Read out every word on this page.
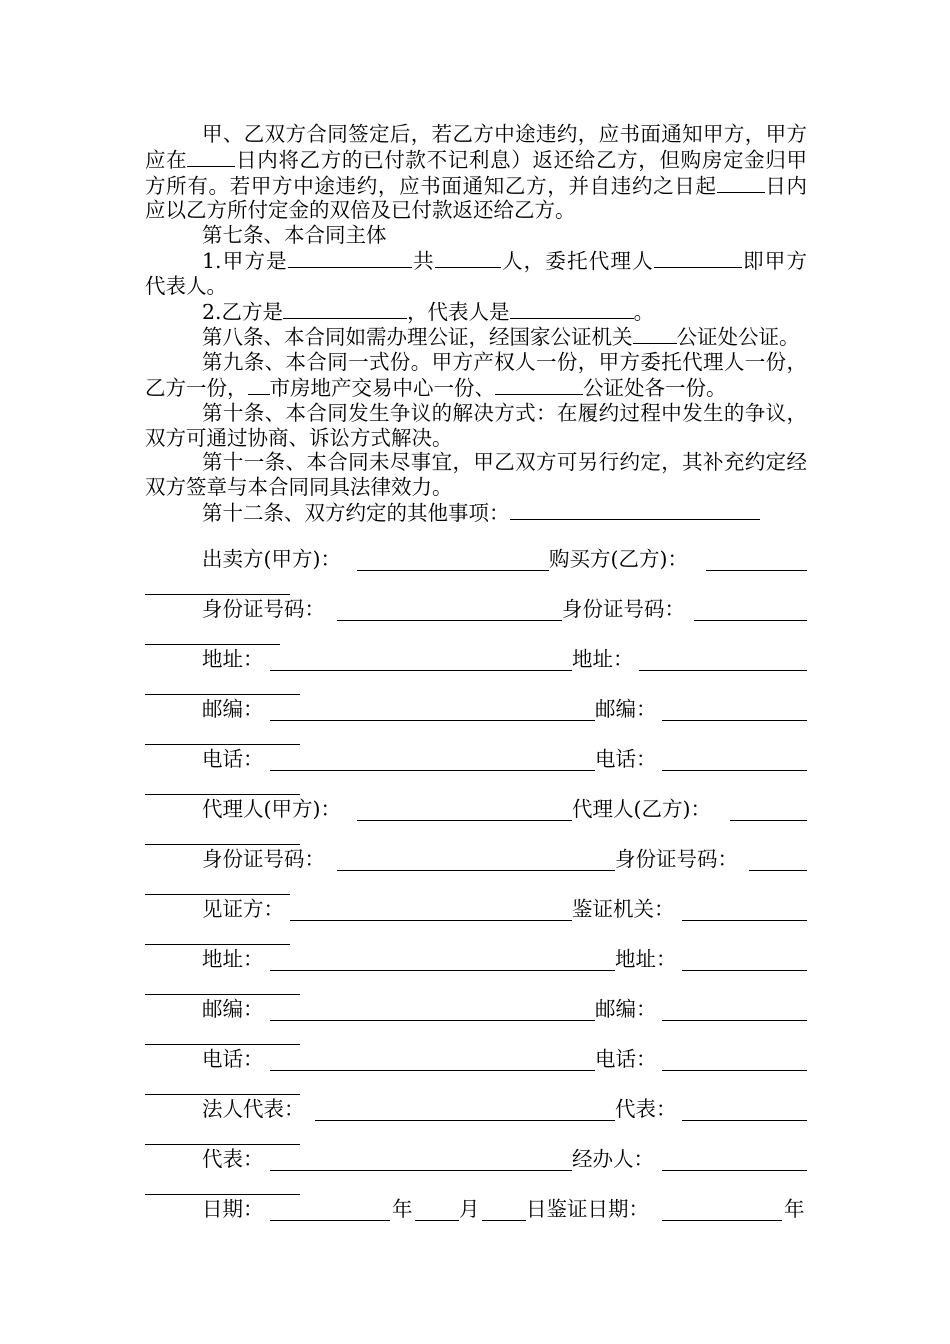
甲、乙双方合同签定后，若乙方中途违约，应书面通知甲方，甲方应在 日内将乙方的已付款不记利息）返还给乙方，但购房定金归甲方所有。若甲方中途违约，应书面通知乙方，并自违约之日起 日内应以乙方所付定金的双倍及已付款返还给乙方。

第七条、本合同主体

1.甲方是	共	人，委托代理人	即甲方代表人。

2.乙方是	，代表人是	。

第八条、本合同如需办理公证，经国家公证机关 公证处公证。

第九条、本合同一式份。甲方产权人一份，甲方委托代理人一份，乙方一份， 市房地产交易中心一份、	公证处各一份。

第十条、本合同发生争议的解决方式：在履约过程中发生的争议，双方可通过协商、诉讼方式解决。

第十一条、本合同未尽事宜，甲乙双方可另行约定，其补充约定经双方签章与本合同同具法律效力。

第十二条、双方约定的其他事项：

出卖方(甲方)：	购买方(乙方)：
身份证号码：	身份证号码：
地址：	地址：
邮编：	邮编：
电话：	电话：
代理人(甲方)：	代理人(乙方)：
身份证号码：	身份证号码：
见证方：	鉴证机关：
地址：	地址：
邮编：	邮编：
电话：	电话：
法人代表：	代表：
代表：	经办人：
日期：	年 月 日鉴证日期：	年
